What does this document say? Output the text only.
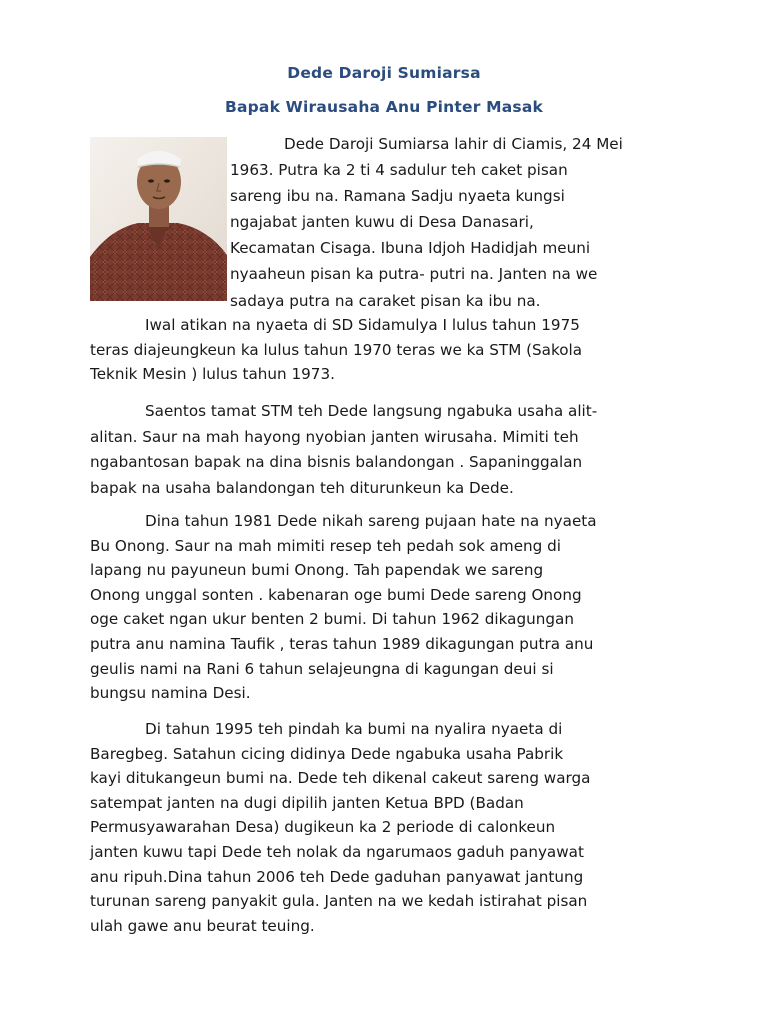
Dede Daroji Sumiarsa
Bapak Wirausaha Anu Pinter Masak
Dede Daroji Sumiarsa lahir di Ciamis, 24 Mei
1963. Putra ka 2 ti 4 sadulur teh caket pisan
sareng ibu na. Ramana Sadju nyaeta kungsi
ngajabat janten kuwu di Desa Danasari,
Kecamatan Cisaga. Ibuna Idjoh Hadidjah meuni
nyaaheun pisan ka putra- putri na. Janten na we
sadaya putra na caraket pisan ka ibu na.
Iwal atikan na nyaeta di SD Sidamulya I lulus tahun 1975
teras diajeungkeun ka lulus tahun 1970 teras we ka STM (Sakola
Teknik Mesin ) lulus tahun 1973.
Saentos tamat STM teh Dede langsung ngabuka usaha alit-
alitan. Saur na mah hayong nyobian janten wirusaha. Mimiti teh
ngabantosan bapak na dina bisnis balandongan . Sapaninggalan
bapak na usaha balandongan teh diturunkeun ka Dede.
Dina tahun 1981 Dede nikah sareng pujaan hate na nyaeta
Bu Onong. Saur na mah mimiti resep teh pedah sok ameng di
lapang nu payuneun bumi Onong. Tah papendak we sareng
Onong unggal sonten . kabenaran oge bumi Dede sareng Onong
oge caket ngan ukur benten 2 bumi. Di tahun 1962 dikagungan
putra anu namina Taufik , teras tahun 1989 dikagungan putra anu
geulis nami na Rani 6 tahun selajeungna di kagungan deui si
bungsu namina Desi.
Di tahun 1995 teh pindah ka bumi na nyalira nyaeta di
Baregbeg. Satahun cicing didinya Dede ngabuka usaha Pabrik
kayi ditukangeun bumi na. Dede teh dikenal cakeut sareng warga
satempat janten na dugi dipilih janten Ketua BPD (Badan
Permusyawarahan Desa) dugikeun ka 2 periode di calonkeun
janten kuwu tapi Dede teh nolak da ngarumaos gaduh panyawat
anu ripuh.Dina tahun 2006 teh Dede gaduhan panyawat jantung
turunan sareng panyakit gula. Janten na we kedah istirahat pisan
ulah gawe anu beurat teuing.
